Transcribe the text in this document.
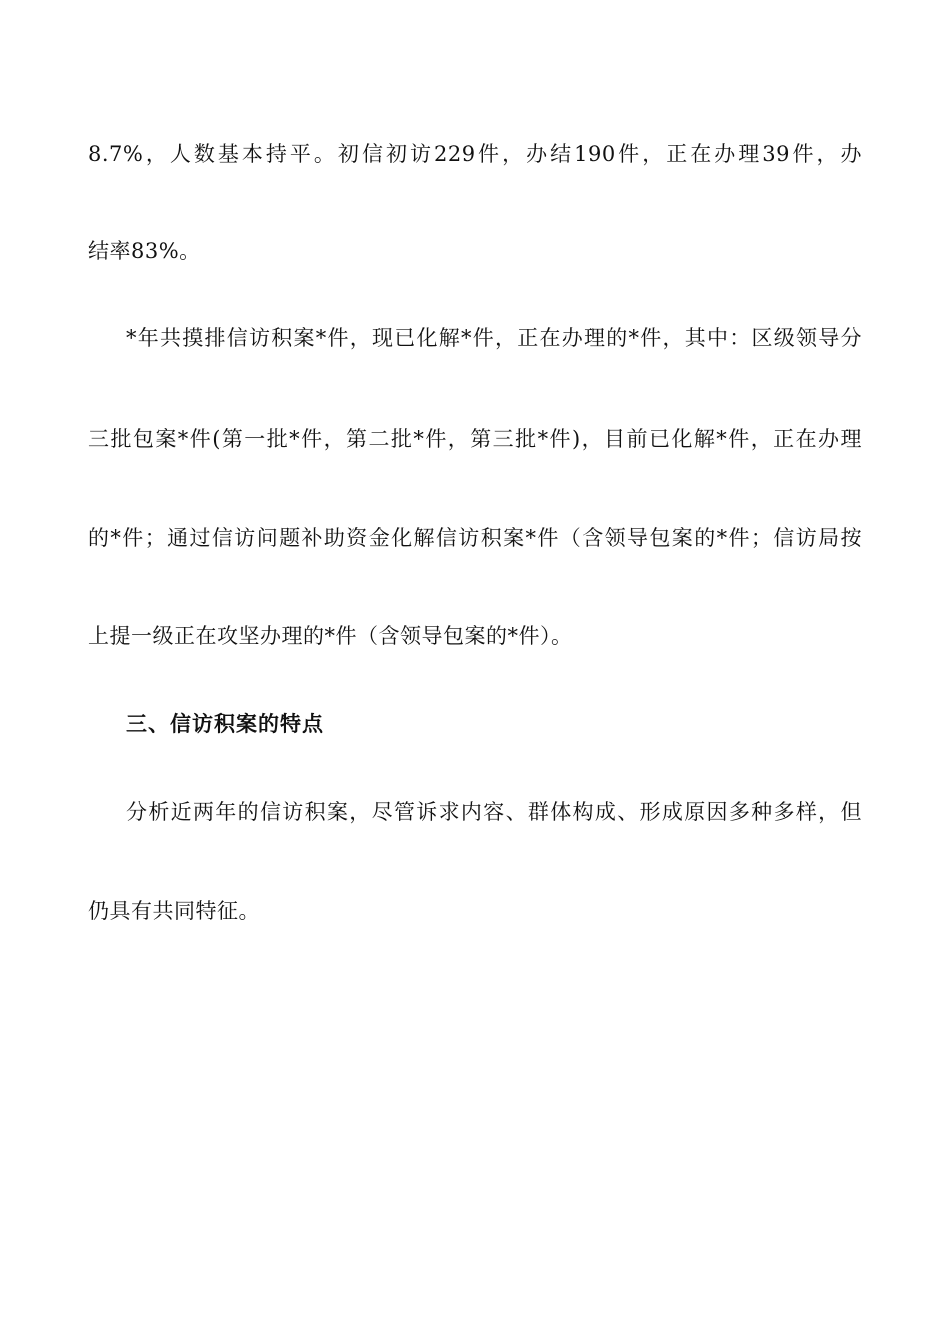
8.7%，人数基本持平。初信初访229件，办结190件，正在办理39件，办
结率83%。
*年共摸排信访积案*件，现已化解*件，正在办理的*件，其中：区级领导分
三批包案*件(第一批*件，第二批*件，第三批*件)，目前已化解*件，正在办理
的*件；通过信访问题补助资金化解信访积案*件（含领导包案的*件；信访局按
上提一级正在攻坚办理的*件（含领导包案的*件）。
三、信访积案的特点
分析近两年的信访积案，尽管诉求内容、群体构成、形成原因多种多样，但
仍具有共同特征。
